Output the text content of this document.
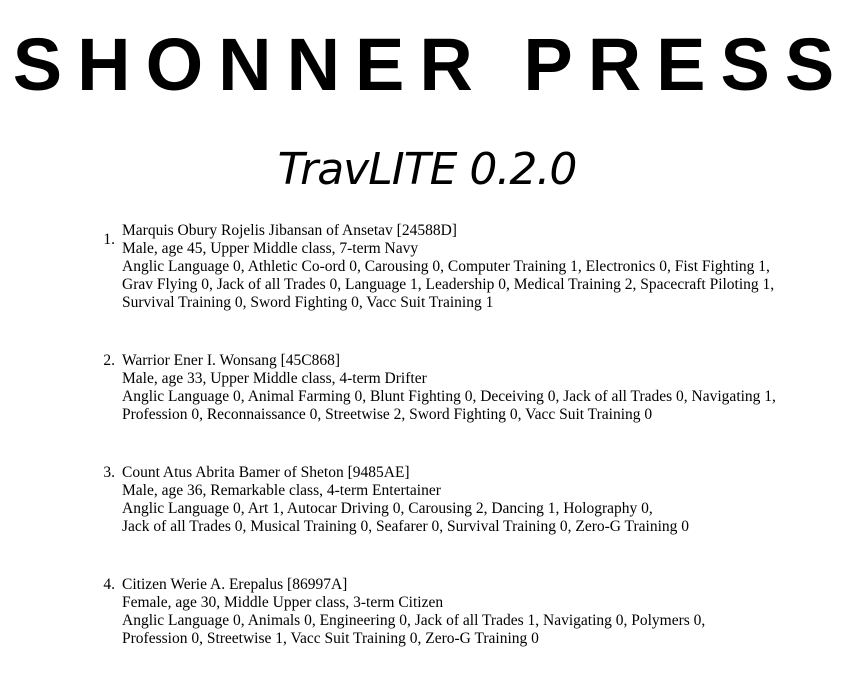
SHONNER PRESS
TravLITE 0.2.0
1.
Marquis Obury Rojelis Jibansan of Ansetav [24588D]
Male, age 45, Upper Middle class, 7-term Navy
Anglic Language 0, Athletic Co-ord 0, Carousing 0, Computer Training 1, Electronics 0, Fist Fighting 1,
Grav Flying 0, Jack of all Trades 0, Language 1, Leadership 0, Medical Training 2, Spacecraft Piloting 1,
Survival Training 0, Sword Fighting 0, Vacc Suit Training 1
2. Warrior Ener I. Wonsang [45C868]
Male, age 33, Upper Middle class, 4-term Drifter
Anglic Language 0, Animal Farming 0, Blunt Fighting 0, Deceiving 0, Jack of all Trades 0, Navigating 1,
Profession 0, Reconnaissance 0, Streetwise 2, Sword Fighting 0, Vacc Suit Training 0
3. Count Atus Abrita Bamer of Sheton [9485AE]
Male, age 36, Remarkable class, 4-term Entertainer
Anglic Language 0, Art 1, Autocar Driving 0, Carousing 2, Dancing 1, Holography 0,
Jack of all Trades 0, Musical Training 0, Seafarer 0, Survival Training 0, Zero-G Training 0
4. Citizen Werie A. Erepalus [86997A]
Female, age 30, Middle Upper class, 3-term Citizen
Anglic Language 0, Animals 0, Engineering 0, Jack of all Trades 1, Navigating 0, Polymers 0,
Profession 0, Streetwise 1, Vacc Suit Training 0, Zero-G Training 0
